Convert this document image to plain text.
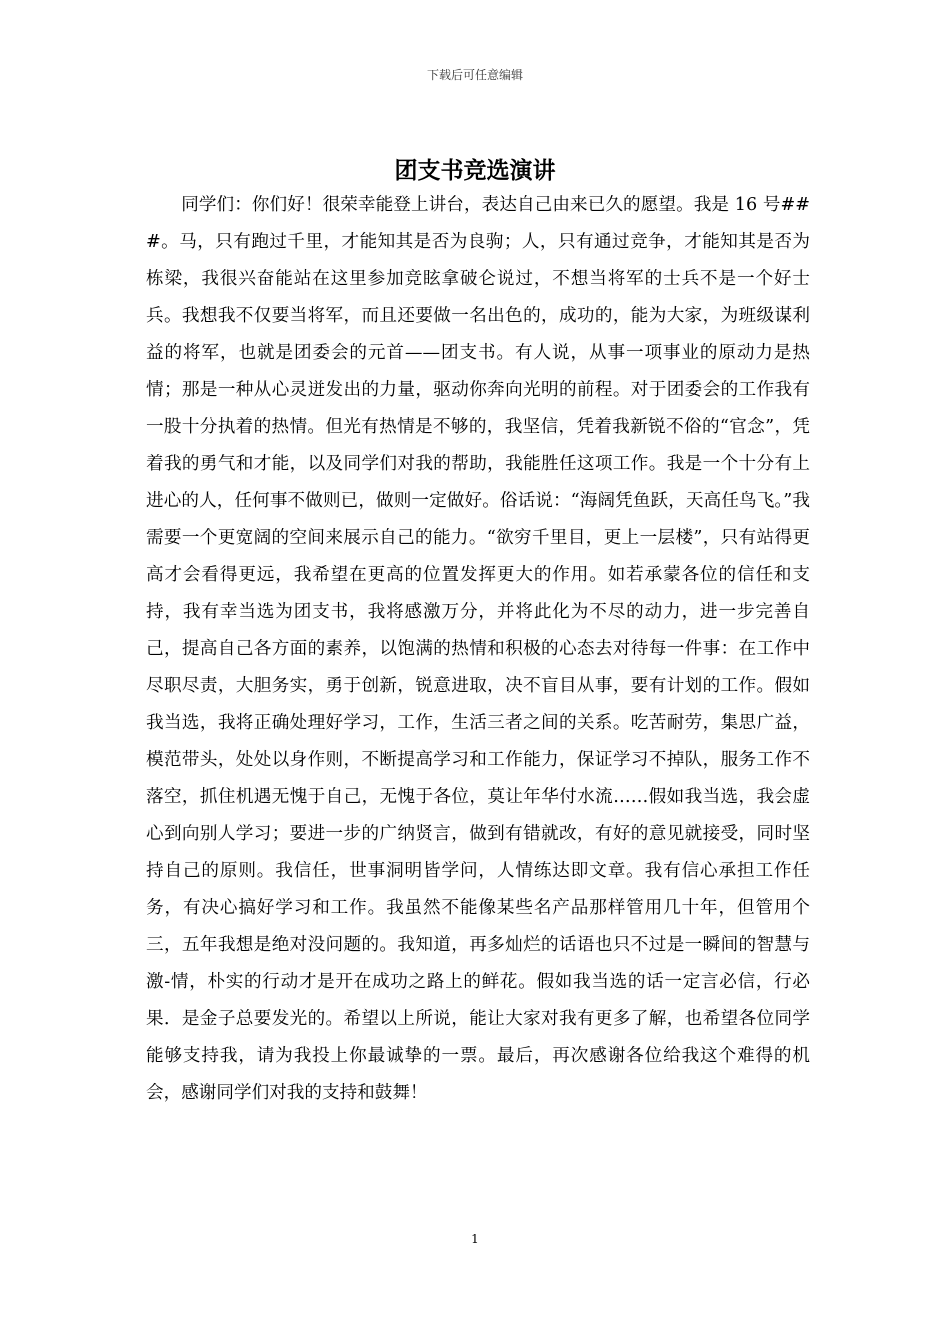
下载后可任意编辑
团支书竞选演讲

同学们：你们好！很荣幸能登上讲台，表达自己由来已久的愿望。我是 16 号###。马，只有跑过千里，才能知其是否为良驹；人，只有通过竞争，才能知其是否为栋梁，我很兴奋能站在这里参加竞眩拿破仑说过，不想当将军的士兵不是一个好士兵。我想我不仅要当将军，而且还要做一名出色的，成功的，能为大家，为班级谋利益的将军，也就是团委会的元首——团支书。有人说，从事一项事业的原动力是热情；那是一种从心灵迸发出的力量，驱动你奔向光明的前程。对于团委会的工作我有一股十分执着的热情。但光有热情是不够的，我坚信，凭着我新锐不俗的“官念”，凭着我的勇气和才能，以及同学们对我的帮助，我能胜任这项工作。我是一个十分有上进心的人，任何事不做则已，做则一定做好。俗话说：“海阔凭鱼跃，天高任鸟飞。”我需要一个更宽阔的空间来展示自己的能力。“欲穷千里目，更上一层楼”，只有站得更高才会看得更远，我希望在更高的位置发挥更大的作用。如若承蒙各位的信任和支持，我有幸当选为团支书，我将感激万分，并将此化为不尽的动力，进一步完善自己，提高自己各方面的素养，以饱满的热情和积极的心态去对待每一件事：在工作中尽职尽责，大胆务实，勇于创新，锐意进取，决不盲目从事，要有计划的工作。假如我当选，我将正确处理好学习，工作，生活三者之间的关系。吃苦耐劳，集思广益，模范带头，处处以身作则，不断提高学习和工作能力，保证学习不掉队，服务工作不落空，抓住机遇无愧于自己，无愧于各位，莫让年华付水流……假如我当选，我会虚心到向别人学习；要进一步的广纳贤言，做到有错就改，有好的意见就接受，同时坚持自己的原则。我信任，世事洞明皆学问，人情练达即文章。我有信心承担工作任务，有决心搞好学习和工作。我虽然不能像某些名产品那样管用几十年，但管用个三，五年我想是绝对没问题的。我知道，再多灿烂的话语也只不过是一瞬间的智慧与激-情，朴实的行动才是开在成功之路上的鲜花。假如我当选的话一定言必信，行必果．是金子总要发光的。希望以上所说，能让大家对我有更多了解，也希望各位同学能够支持我，请为我投上你最诚挚的一票。最后，再次感谢各位给我这个难得的机会，感谢同学们对我的支持和鼓舞！

1
